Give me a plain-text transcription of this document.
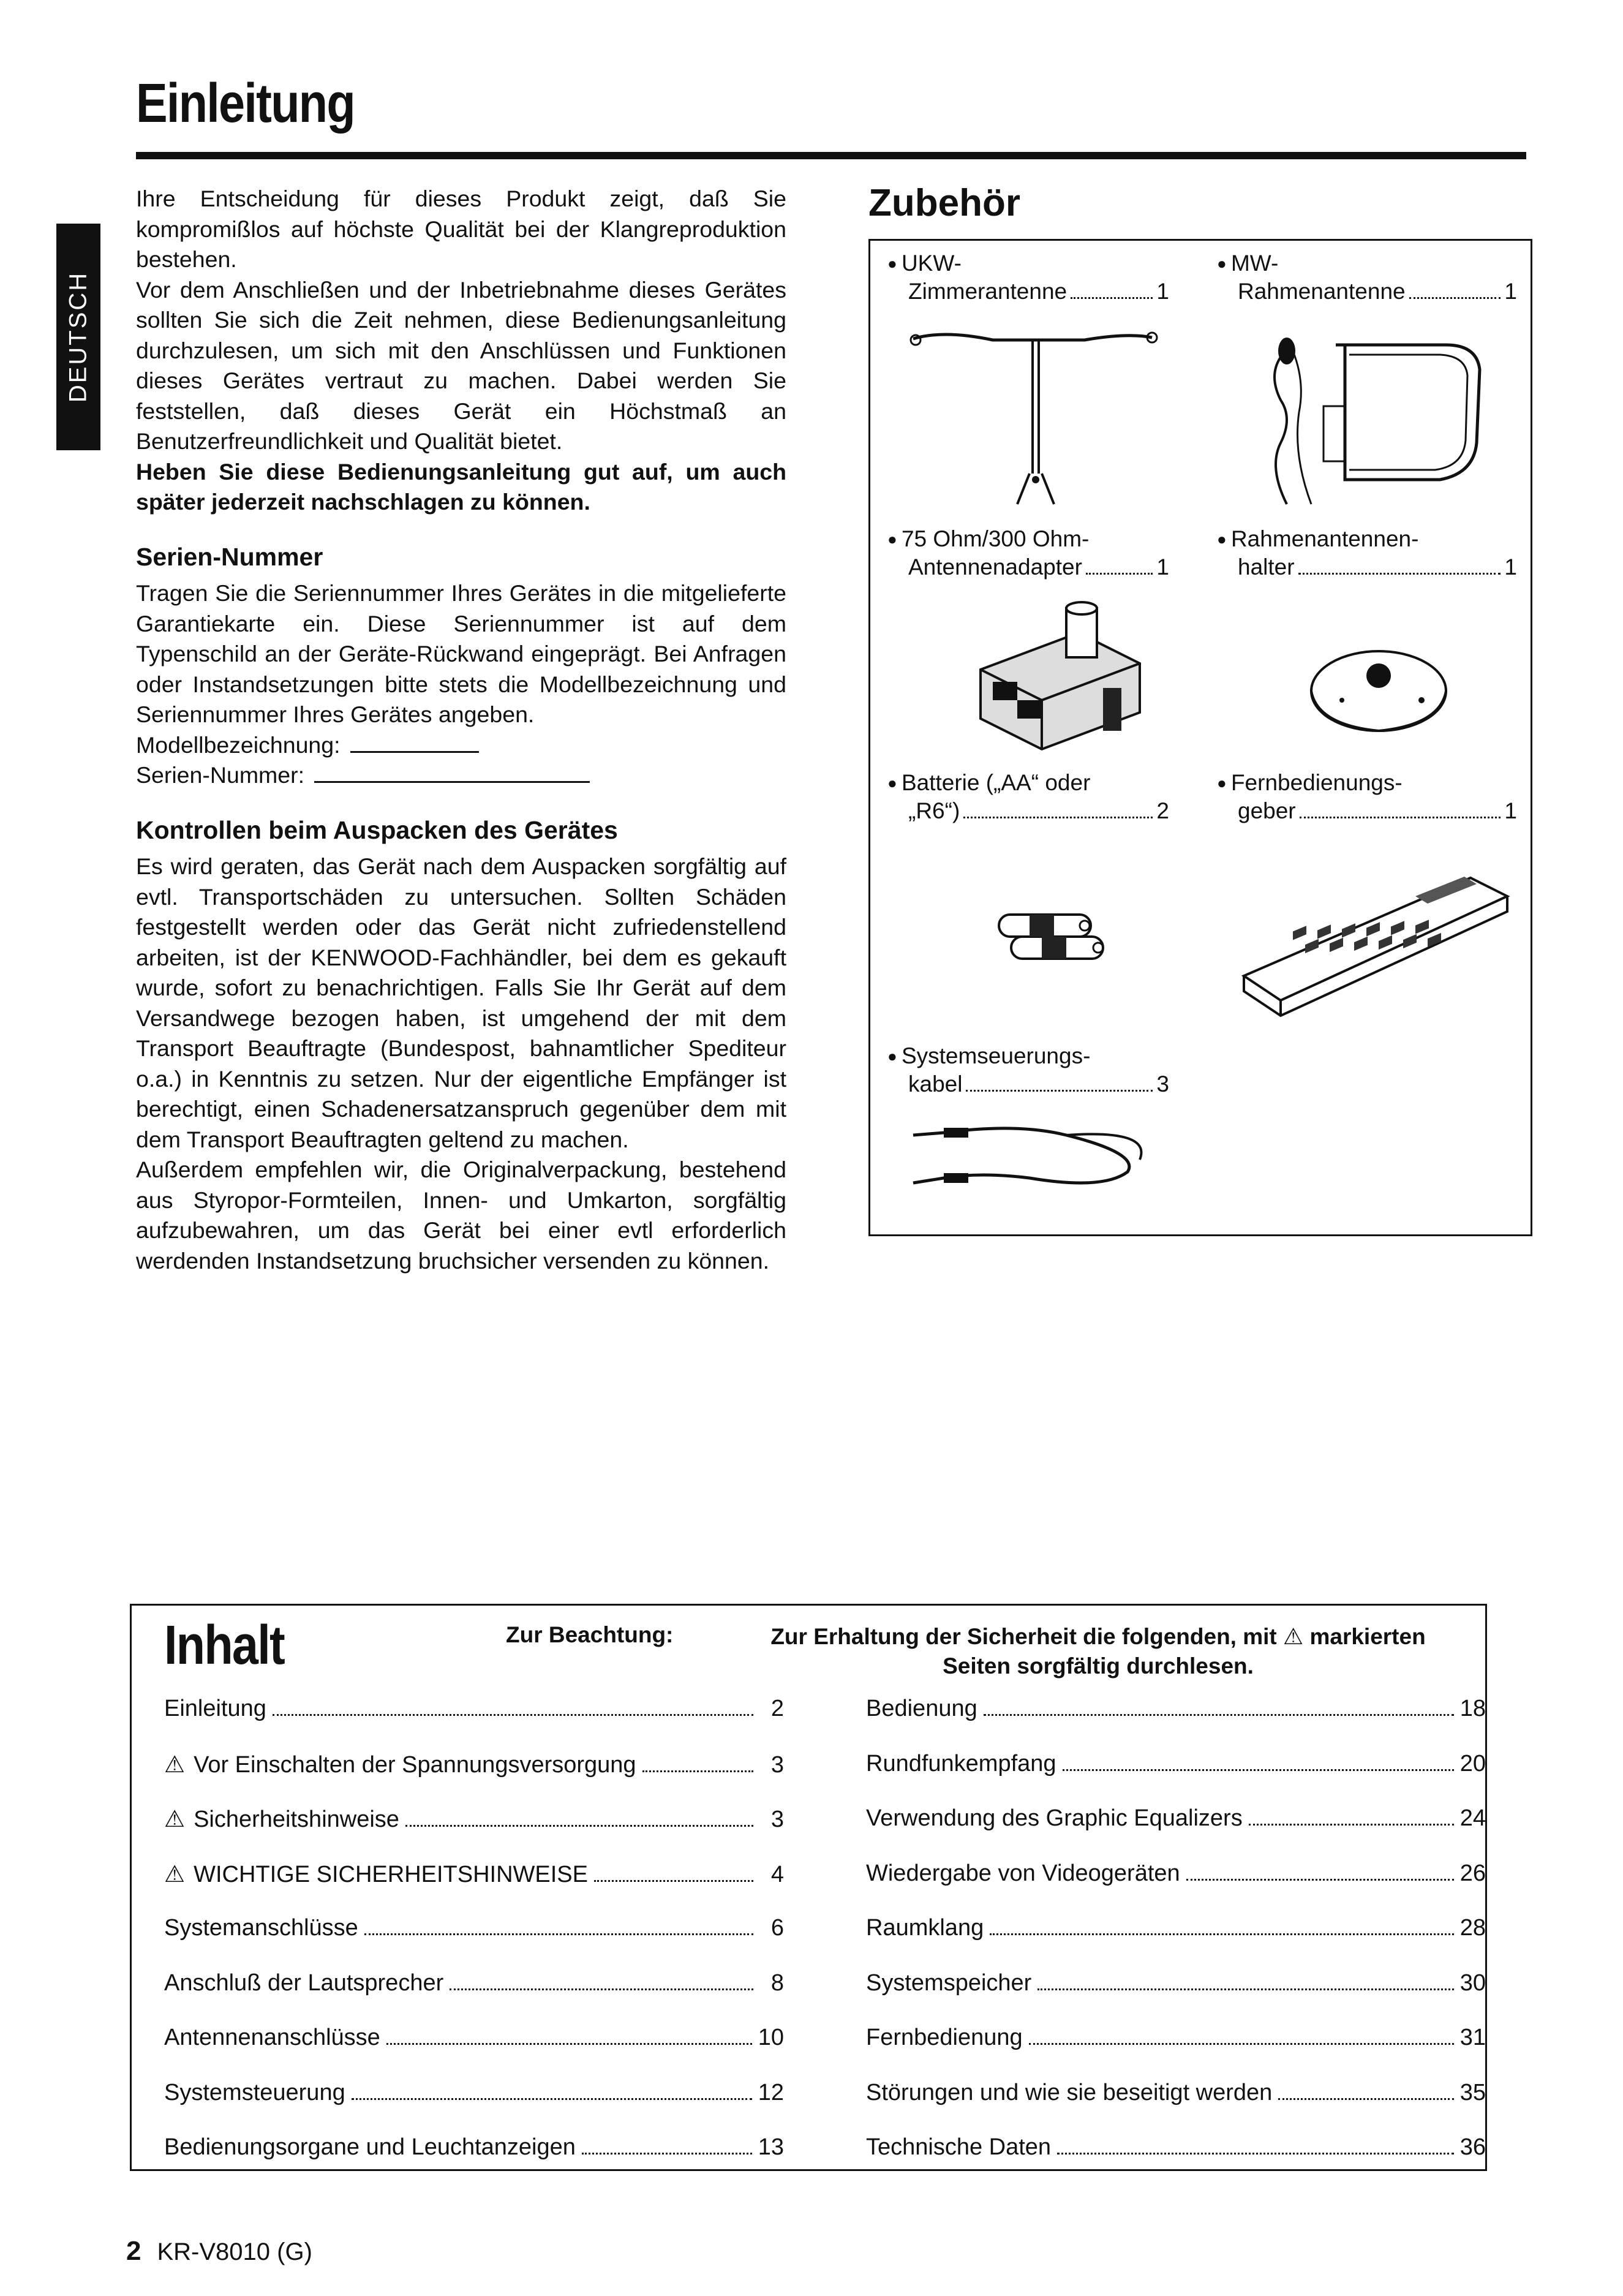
Einleitung
DEUTSCH

Ihre Entscheidung für dieses Produkt zeigt, daß Sie kompromißlos auf höchste Qualität bei der Klangreproduktion bestehen.

Vor dem Anschließen und der Inbetriebnahme dieses Gerätes sollten Sie sich die Zeit nehmen, diese Bedienungsanleitung durchzulesen, um sich mit den Anschlüssen und Funktionen dieses Gerätes vertraut zu machen. Dabei werden Sie feststellen, daß dieses Gerät ein Höchstmaß an Benutzerfreundlichkeit und Qualität bietet.

Heben Sie diese Bedienungsanleitung gut auf, um auch später jederzeit nachschlagen zu können.

Serien-Nummer

Tragen Sie die Seriennummer Ihres Gerätes in die mitgelieferte Garantiekarte ein. Diese Seriennummer ist auf dem Typenschild an der Geräte-Rückwand eingeprägt. Bei Anfragen oder Instandsetzungen bitte stets die Modellbezeichnung und Seriennummer Ihres Gerätes angeben.

Modellbezeichnung:
Serien-Nummer:
Kontrollen beim Auspacken des Gerätes

Es wird geraten, das Gerät nach dem Auspacken sorgfältig auf evtl. Transportschäden zu untersuchen. Sollten Schäden festgestellt werden oder das Gerät nicht zufriedenstellend arbeiten, ist der KENWOOD-Fachhändler, bei dem es gekauft wurde, sofort zu benachrichtigen. Falls Sie Ihr Gerät auf dem Versandwege bezogen haben, ist umgehend der mit dem Transport Beauftragte (Bundespost, bahnamtlicher Spediteur o.a.) in Kenntnis zu setzen. Nur der eigentliche Empfänger ist berechtigt, einen Schadenersatzanspruch gegenüber dem mit dem Transport Beauftragten geltend zu machen.

Außerdem empfehlen wir, die Originalverpackung, bestehend aus Styropor-Formteilen, Innen- und Umkarton, sorgfältig aufzubewahren, um das Gerät bei einer evtl erforderlich werdenden Instandsetzung bruchsicher versenden zu können.

Zubehör
● UKW-
Zimmerantenne	1
● MW-
Rahmenantenne	1
● 75 Ohm/300 Ohm-
Antennenadapter	1
● Rahmenantennen-
halter	1
● Batterie („AA“ oder
„R6“)	2
● Fernbedienungs-
geber	1
● Systemseuerungs-
kabel	3
Inhalt	Zur Beachtung:	Zur Erhaltung der Sicherheit die folgenden, mit ⚠ markierten
Seiten sorgfältig durchlesen.
Einleitung	2
⚠ Vor Einschalten der Spannungsversorgung	3
⚠ Sicherheitshinweise	3
⚠ WICHTIGE SICHERHEITSHINWEISE	4
Systemanschlüsse	6
Anschluß der Lautsprecher	8
Antennenanschlüsse	10
Systemsteuerung	12
Bedienungsorgane und Leuchtanzeigen	13
Bedienung	18
Rundfunkempfang	20
Verwendung des Graphic Equalizers	24
Wiedergabe von Videogeräten	26
Raumklang	28
Systemspeicher	30
Fernbedienung	31
Störungen und wie sie beseitigt werden	35
Technische Daten	36
2 KR-V8010 (G)
